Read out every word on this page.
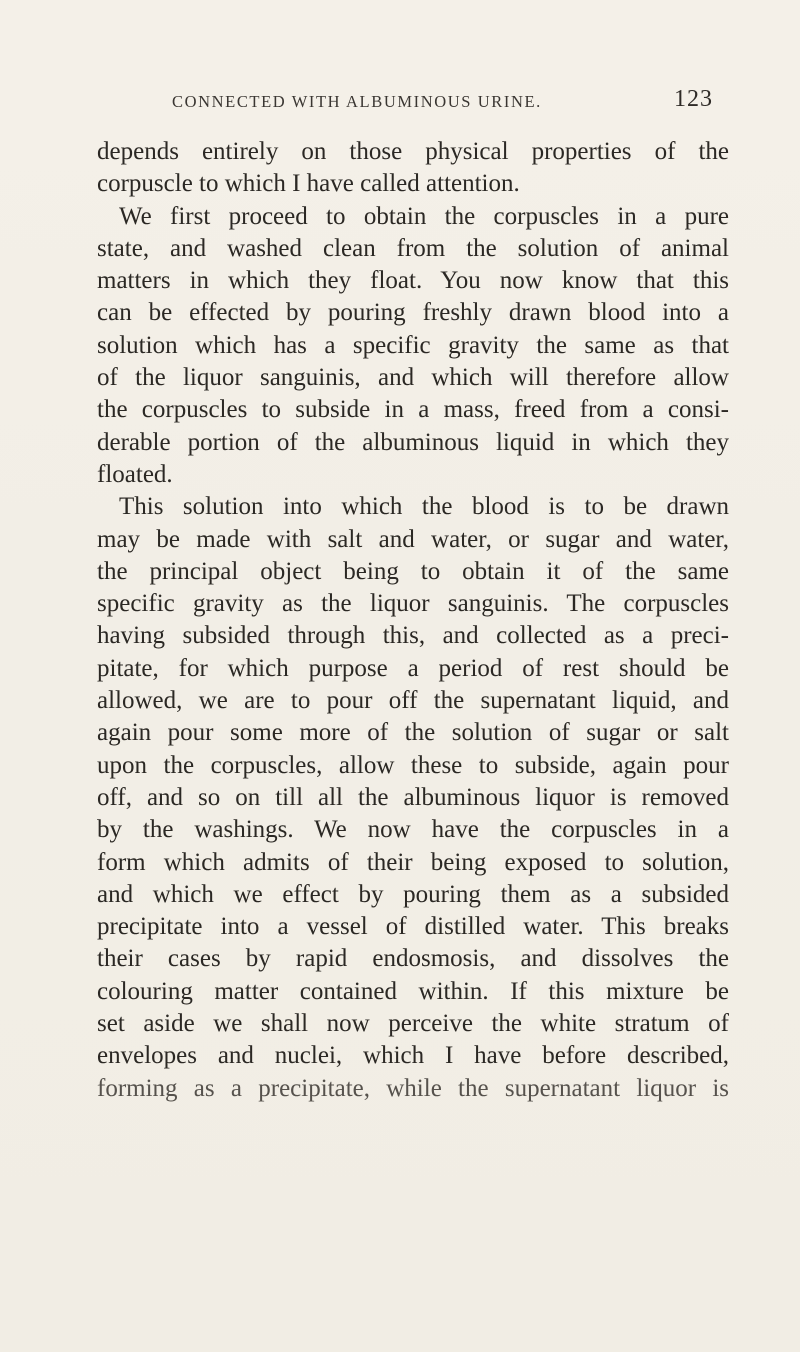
CONNECTED WITH ALBUMINOUS URINE.	123
depends entirely on those physical properties of the
corpuscle to which I have called attention.
We first proceed to obtain the corpuscles in a pure
state, and washed clean from the solution of animal
matters in which they float. You now know that this
can be effected by pouring freshly drawn blood into a
solution which has a specific gravity the same as that
of the liquor sanguinis, and which will therefore allow
the corpuscles to subside in a mass, freed from a consi-
derable portion of the albuminous liquid in which they
floated.
This solution into which the blood is to be drawn
may be made with salt and water, or sugar and water,
the principal object being to obtain it of the same
specific gravity as the liquor sanguinis. The corpuscles
having subsided through this, and collected as a preci-
pitate, for which purpose a period of rest should be
allowed, we are to pour off the supernatant liquid, and
again pour some more of the solution of sugar or salt
upon the corpuscles, allow these to subside, again pour
off, and so on till all the albuminous liquor is removed
by the washings. We now have the corpuscles in a
form which admits of their being exposed to solution,
and which we effect by pouring them as a subsided
precipitate into a vessel of distilled water. This breaks
their cases by rapid endosmosis, and dissolves the
colouring matter contained within. If this mixture be
set aside we shall now perceive the white stratum of
envelopes and nuclei, which I have before described,
forming as a precipitate, while the supernatant liquor is
